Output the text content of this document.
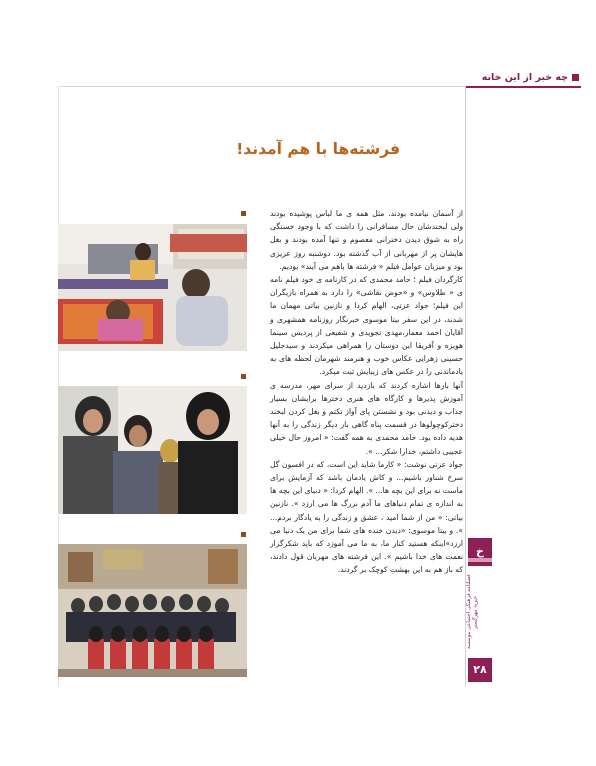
چه خبر از این خانه
فرشته‌ها با هم آمدند!

از آسمان نیامده بودند. مثل همه ی ما لباس پوشیده بودند ولی لبخندشان حال مسافرانی را داشت که با وجود خستگی راه به شوق دیدن دخترانی معصوم و تنها آمده بودند و بغل هایشان پر از مهربانی از آب گذشته بود. دوشنبه روز عزیزی بود و میزبان عوامل فیلم « فرشته ها باهم می آیند» بودیم.

کارگردان فیلم ؛ حامد محمدی که در کارنامه ی خود فیلم نامه ی « طلاوس» و «حوض نقاشی» را دارد به همراه بازیگران این فیلم؛ جواد عزتی، الهام کردا و نازنین بیاتی مهمان ما شدند، در این سفر بیتا موسوی خبرنگار روزنامه همشهری و آقایان احمد معمار،مهدی تجویدی و شفیعی از پردیس سینما هویزه و آفریقا این دوستان را همراهی میکردند و سیدجلیل حسینی زهرایی عکاس خوب و هنرمند شهرمان لحظه های به یادماندنی را در عکس های زیبایش ثبت میکرد.

آنها بارها اشاره کردند که بازدید از سرای مهر، مدرسه ی آموزش پذیرها و کارگاه های هنری دخترها برایشان بسیار جذاب و دیدنی بود و نشستن پای آواز تکتم و بغل کردن لبخند دخترکوچولوها در قسمت پناه گاهی بار دیگر زندگی را به آنها هدیه داده بود. حامد محمدی به همه گفت: « امروز حال خیلی عجیبی داشتم، خدارا شکر... ».

جواد عزتی نوشت: « کارما شاید این است، که در افسون گل سرخ شناور باشیم... و کاش یادمان باشد که آزمایش برای ماست نه برای این بچه ها... ». الهام کردا: « دنیای این بچه ها به اندازه ی تمام دنیاهای ما آدم بزرگ ها می ارزد ». نازنین بیاتی: « من از شما امید ، عشق و زندگی را به یادگار بردم... ». و بیتا موسوی: «دیدن خنده های شما برای من یک دنیا می ارزد»اینکه هستید کنار ما، به ما می آموزد که باید شکرگزار نعمت های خدا باشیم ». این فرشته های مهربان قول دادند، که باز هم به این بهشتِ کوچک بر گردند.

خ
فصلنامه فرهنگی اجتماعی موسسه خیریه مهرگستر
۲۸
